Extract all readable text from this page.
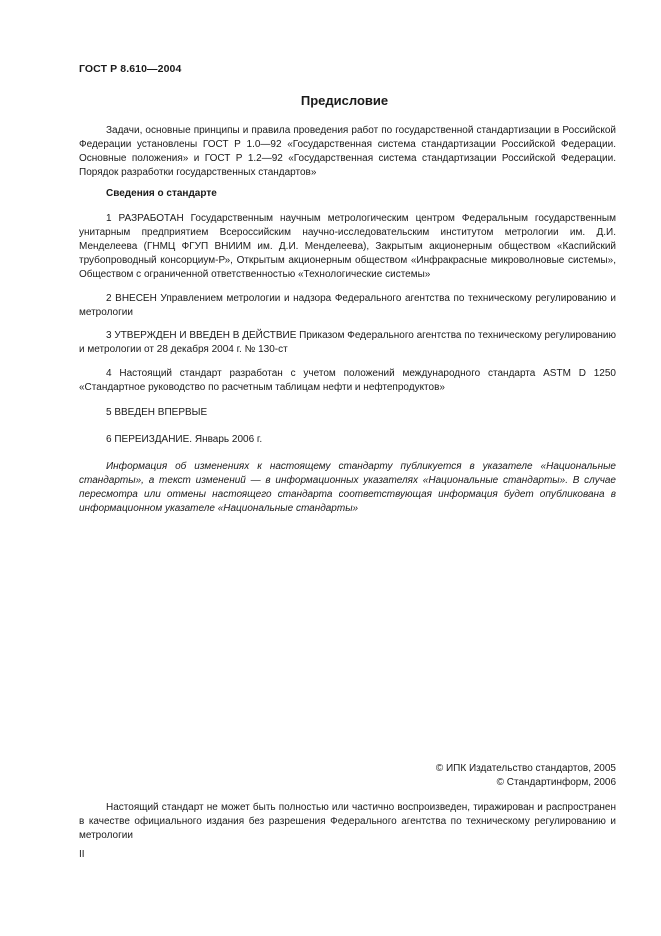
ГОСТ Р 8.610—2004
Предисловие
Задачи, основные принципы и правила проведения работ по государственной стандартизации в Российской Федерации установлены ГОСТ Р 1.0—92 «Государственная система стандартизации Российской Федерации. Основные положения» и ГОСТ Р 1.2—92 «Государственная система стандартизации Российской Федерации. Порядок разработки государственных стандартов»
Сведения о стандарте
1 РАЗРАБОТАН Государственным научным метрологическим центром Федеральным государственным унитарным предприятием Всероссийским научно-исследовательским институтом метрологии им. Д.И. Менделеева (ГНМЦ ФГУП ВНИИМ им. Д.И. Менделеева), Закрытым акционерным обществом «Каспийский трубопроводный консорциум-Р», Открытым акционерным обществом «Инфракрасные микроволновые системы», Обществом с ограниченной ответственностью «Технологические системы»
2 ВНЕСЕН Управлением метрологии и надзора Федерального агентства по техническому регулированию и метрологии
3 УТВЕРЖДЕН И ВВЕДЕН В ДЕЙСТВИЕ Приказом Федерального агентства по техническому регулированию и метрологии от 28 декабря 2004 г. № 130-ст
4 Настоящий стандарт разработан с учетом положений международного стандарта ASTM D 1250 «Стандартное руководство по расчетным таблицам нефти и нефтепродуктов»
5 ВВЕДЕН ВПЕРВЫЕ
6 ПЕРЕИЗДАНИЕ. Январь 2006 г.
Информация об изменениях к настоящему стандарту публикуется в указателе «Национальные стандарты», а текст изменений — в информационных указателях «Национальные стандарты». В случае пересмотра или отмены настоящего стандарта соответствующая информация будет опубликована в информационном указателе «Национальные стандарты»
© ИПК Издательство стандартов, 2005
© Стандартинформ, 2006
Настоящий стандарт не может быть полностью или частично воспроизведен, тиражирован и распространен в качестве официального издания без разрешения Федерального агентства по техническому регулированию и метрологии
II
